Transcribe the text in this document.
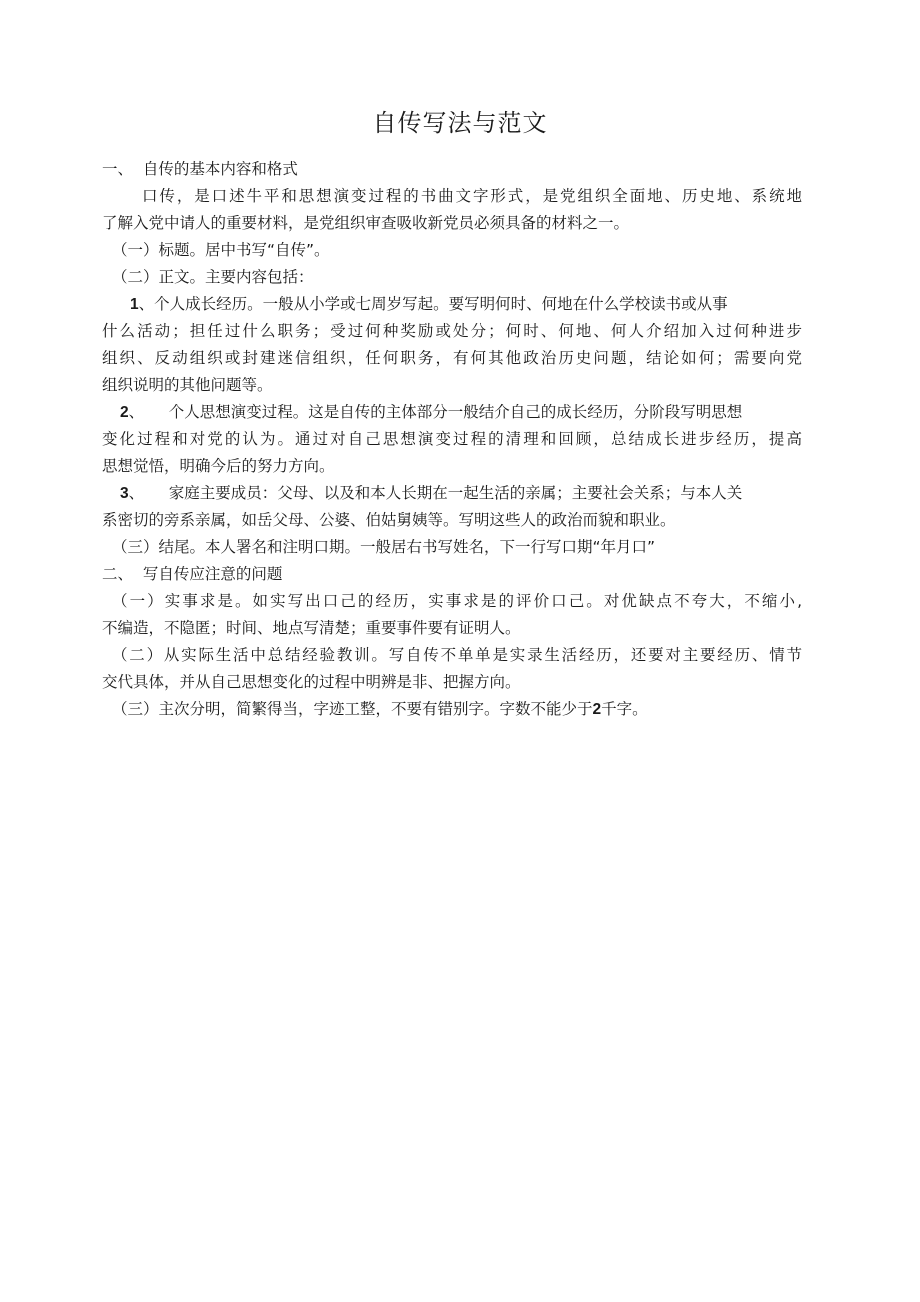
自传写法与范文
一、  自传的基本内容和格式
口传，是口述牛平和思想演变过程的书曲文字形式，是党组织全面地、历史地、系统地
了解入党中请人的重要材料，是党组织审查吸收新党员必须具备的材料之一。
（一）标题。居中书写“自传”。
（二）正文。主要内容包括：
1、个人成长经历。一般从小学或七周岁写起。要写明何时、何地在什么学校读书或从事
什么活动；担任过什么职务；受过何种奖励或处分；何时、何地、何人介绍加入过何种进步
组织、反动组织或封建迷信组织，任何职务，有何其他政治历史问题，结论如何；需要向党
组织说明的其他问题等。
2、     个人思想演变过程。这是自传的主体部分一般结介自己的成长经历，分阶段写明思想
变化过程和对党的认为。通过对自己思想演变过程的清理和回顾，总结成长进步经历，提高
思想觉悟，明确今后的努力方向。
3、     家庭主要成员：父母、以及和本人长期在一起生活的亲属；主要社会关系；与本人关
系密切的旁系亲属，如岳父母、公婆、伯姑舅姨等。写明这些人的政治而貌和职业。
（三）结尾。本人署名和注明口期。一般居右书写姓名，下一行写口期“年月口”
二、  写自传应注意的问题
（一）实事求是。如实写出口己的经历，实事求是的评价口己。对优缺点不夸大，不缩小,
不编造，不隐匿；时间、地点写清楚；重要事件要有证明人。
（二）从实际生活中总结经验教训。写自传不单单是实录生活经历，还要对主要经历、情节
交代具体，并从自己思想变化的过程中明辨是非、把握方向。
（三）主次分明，简繁得当，字迹工整，不要有错别字。字数不能少于2千字。
